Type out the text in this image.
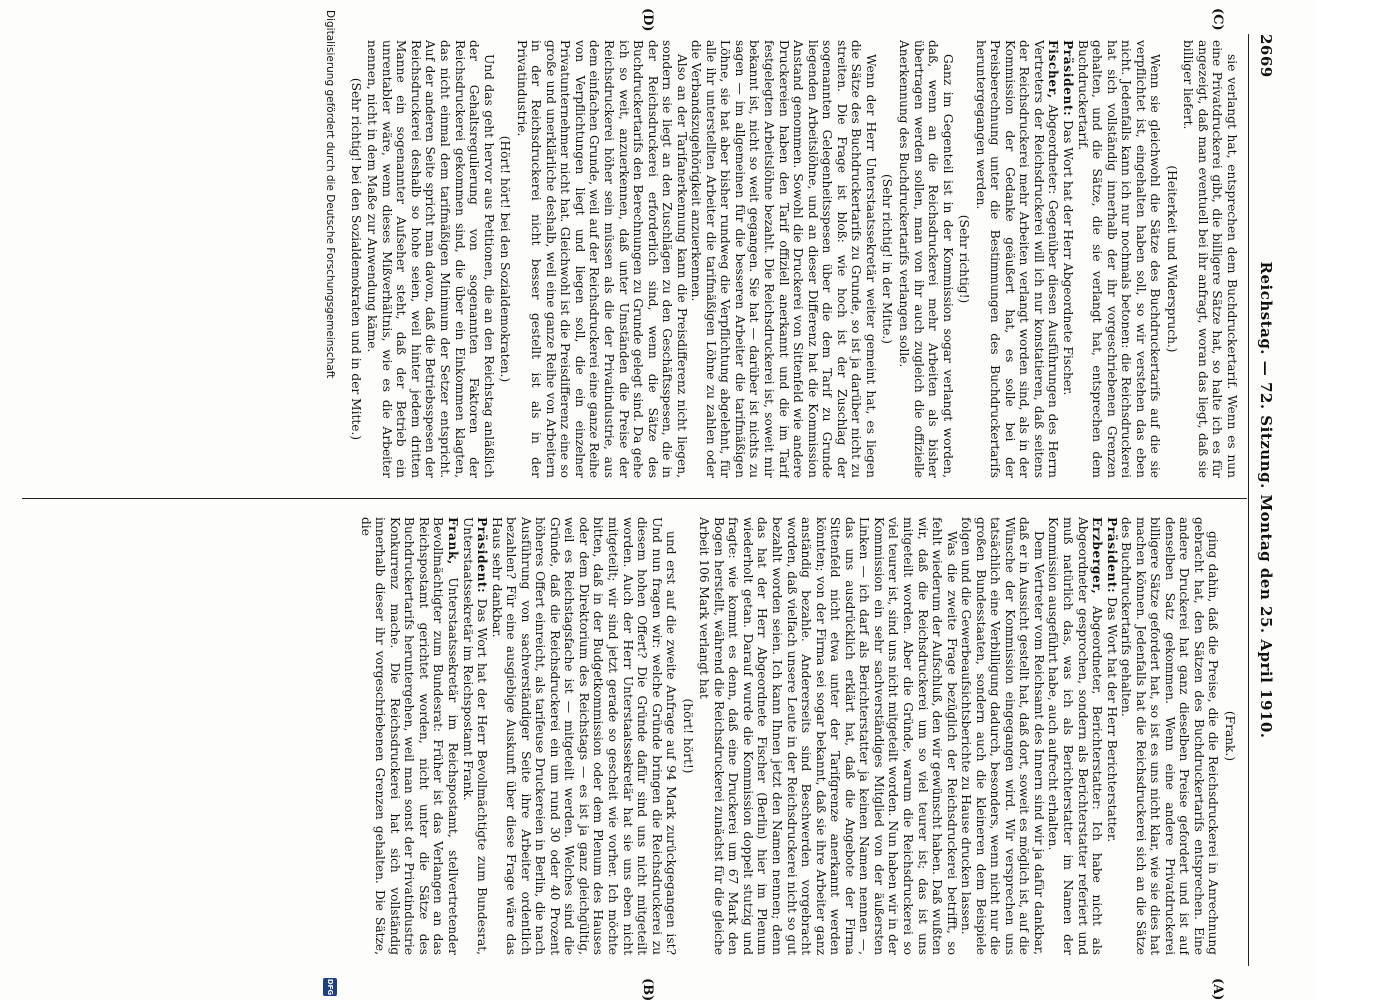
2669
Reichstag. — 72. Sitzung. Montag den 25. April 1910.
(C)
(D)
(A)
(B)

sie verlangt hat, entsprechen dem Buchdruckertarif. Wenn es nun eine Privatdruckerei gibt, die billigere Sätze hat, so halte ich es für angezeigt, daß man eventuell bei ihr anfragt, woran das liegt, daß sie billiger liefert.

(Heiterkeit und Widerspruch.)

Wenn sie gleichwohl die Sätze des Buchdruckertarifs auf die sie verpflichtet ist, eingehalten haben soll, so wir verstehen das eben nicht. Jedenfalls kann ich nur nochmals betonen: die Reichsdruckerei hat sich vollständig innerhalb der ihr vorgeschriebenen Grenzen gehalten, und die Sätze, die sie verlangt hat, entsprechen dem Buchdruckertarif.

Präsident: Das Wort hat der Herr Abgeordnete Fischer.

Fischer, Abgeordneter: Gegenüber diesen Ausführungen des Herrn Vertreters der Reichsdruckerei will ich nur konstatieren, daß seitens der Reichsdruckerei mehr Arbeiten verlangt worden sind, als in der Kommission der Gedanke geäußert hat, es solle bei der Preisberechnung unter die Bestimmungen des Buchdruckertarifs heruntergegangen werden.

(Sehr richtig!)

Ganz im Gegenteil ist in der Kommission sogar verlangt worden, daß, wenn an die Reichsdruckerei mehr Arbeiten als bisher übertragen werden sollen, man von ihr auch zugleich die offizielle Anerkennung des Buchdruckertarifs verlangen solle.

(Sehr richtig! in der Mitte.)

Wenn der Herr Unterstaatssekretär weiter gemeint hat, es liegen die Sätze des Buchdruckertarifs zu Grunde, so ist ja darüber nicht zu streiten. Die Frage ist bloß: wie hoch ist der Zuschlag der sogenannten Gelegenheitsspesen über die dem Tarif zu Grunde liegenden Arbeitslöhne, und an dieser Differenz hat die Kommission Anstand genommen. Sowohl die Druckerei von Sittenfeld wie andere Druckereien haben den Tarif offiziell anerkannt und die im Tarif festgelegten Arbeitslöhne bezahlt. Die Reichsdruckerei ist, soweit mir bekannt ist, nicht so weit gegangen. Sie hat — darüber ist nichts zu sagen — im allgemeinen für die besseren Arbeiter die tarifmäßigen Löhne, sie hat aber bisher rundweg die Verpflichtung abgelehnt, für alle ihr unterstellten Arbeiter die tarifmäßigen Löhne zu zahlen oder die Verbandszugehörigkeit anzuerkennen.

Also an der Tarifanerkennung kann die Preisdifferenz nicht liegen, sondern sie liegt an den Zuschlägen zu den Geschäftsspesen, die in der Reichsdruckerei erforderlich sind, wenn die Sätze des Buchdruckertarifs den Berechnungen zu Grunde gelegt sind. Da gehe ich so weit, anzuerkennen, daß unter Umständen die Preise der Reichsdruckerei höher sein müssen als die der Privatindustrie, aus dem einfachen Grunde, weil auf der Reichsdruckerei eine ganze Reihe von Verpflichtungen liegt und liegen soll, die ein einzelner Privatunternehmer nicht hat. Gleichwohl ist die Preisdifferenz eine so große und unerklärliche deshalb, weil eine ganze Reihe von Arbeitern in der Reichsdruckerei nicht besser gestellt ist als in der Privatindustrie.

(Hört! hört! bei den Sozialdemokraten.)

Und das geht hervor aus Petitionen, die an den Reichstag anläßlich der Gehaltsregulierung von sogenannten Faktoren der Reichsdruckerei gekommen sind, die über ein Einkommen klagten, das nicht einmal dem tarifmäßigen Minimum der Setzer entspricht. Auf der anderen Seite spricht man davon, daß die Betriebsspesen der Reichsdruckerei deshalb so hohe seien, weil hinter jedem dritten Manne ein sogenannter Aufseher steht, daß der Betrieb ein unrentabler wäre, wenn dieses Mißverhältnis, wie es die Arbeiter nennen, nicht in dem Maße zur Anwendung käme.

(Sehr richtig! bei den Sozialdemokraten und in der Mitte.)

(Frank.)

ging dahin, daß die Preise, die die Reichsdruckerei in Anrechnung gebracht hat, den Sätzen des Buchdruckertarifs entsprechen. Eine andere Druckerei hat ganz dieselben Preise gefordert und ist auf denselben Satz gekommen. Wenn eine andere Privatdruckerei billigere Sätze gefordert hat, so ist es uns nicht klar, wie sie dies hat machen können. Jedenfalls hat die Reichsdruckerei sich an die Sätze des Buchdruckertarifs gehalten.

Präsident: Das Wort hat der Herr Berichterstatter.

Erzberger, Abgeordneter, Berichterstatter: Ich habe nicht als Abgeordneter gesprochen, sondern als Berichterstatter referiert und muß natürlich das, was ich als Berichterstatter im Namen der Kommission ausgeführt habe, auch aufrecht erhalten.

Dem Vertreter vom Reichsamt des Innern sind wir ja dafür dankbar, daß er in Aussicht gestellt hat, daß dort, soweit es möglich ist, auf die Wünsche der Kommission eingegangen wird. Wir versprechen uns tatsächlich eine Verbilligung dadurch, besonders, wenn nicht nur die großen Bundesstaaten, sondern auch die kleineren dem Beispiele folgen und die Gewerbeaufsichtsberichte zu Hause drucken lassen.

Was die zweite Frage bezüglich der Reichsdruckerei betrifft, so fehlt wiederum der Aufschluß, den wir gewünscht haben. Daß wußten wir, daß die Reichsdruckerei um so viel teurer ist; das ist uns mitgeteilt worden. Aber die Gründe, warum die Reichsdruckerei so viel teurer ist, sind uns nicht mitgeteilt worden. Nun haben wir in der Kommission ein sehr sachverständiges Mitglied von der äußersten Linken — ich darf als Berichterstatter ja keinen Namen nennen —, das uns ausdrücklich erklärt hat, daß die Angebote der Firma Sittenfeld nicht etwa unter der Tarifgrenze anerkannt werden könnten; von der Firma sei sogar bekannt, daß sie ihre Arbeiter ganz anständig bezahle. Andererseits sind Beschwerden vorgebracht worden, daß vielfach unsere Leute in der Reichsdruckerei nicht so gut bezahlt worden seien. Ich kann Ihnen jetzt den Namen nennen; denn das hat der Herr Abgeordnete Fischer (Berlin) hier im Plenum wiederholt getan. Darauf wurde die Kommission doppelt stutzig und fragte: wie kommt es denn, daß eine Druckerei um 67 Mark den Bogen herstellt, während die Reichsdruckerei zunächst für die gleiche Arbeit 106 Mark verlangt hat

(hört! hört!)

und erst auf die zweite Anfrage auf 94 Mark zurückgegangen ist? Und nun fragen wir: welche Gründe bringen die Reichsdruckerei zu diesem hohen Offert? Die Gründe dafür sind uns nicht mitgeteilt worden. Auch der Herr Unterstaatssekretär hat sie uns eben nicht mitgeteilt; wir sind jetzt gerade so gescheit wie vorher. Ich möchte bitten, daß in der Budgetkommission oder dem Plenum des Hauses oder dem Direktorium des Reichstags — es ist ja ganz gleichgültig, weil es Reichstagsfache ist — mitgeteilt werden. Welches sind die Gründe, daß die Reichsdruckerei ein um rund 30 oder 40 Prozent höheres Offert einreicht, als tarifeuse Druckereien in Berlin, die nach Ausführung von sachverständiger Seite ihre Arbeiter ordentlich bezahlen? Für eine ausgiebige Auskunft über diese Frage wäre das Haus sehr dankbar.

Präsident: Das Wort hat der Herr Bevollmächtigte zum Bundesrat, Unterstaatssekretär im Reichspostamt Frank.

Frank, Unterstaatssekretär im Reichspostamt, stellvertretender Bevollmächtigter zum Bundesrat: Früher ist das Verlangen an das Reichspostamt gerichtet worden, nicht unter die Sätze des Buchdruckertarifs heruntergehen, weil man sonst der Privatindustrie Konkurrenz mache. Die Reichsdruckerei hat sich vollständig innerhalb dieser ihr vorgeschriebenen Grenzen gehalten. Die Sätze, die

Digitalisierung gefördert durch die Deutsche Forschungsgemeinschaft
DFG
